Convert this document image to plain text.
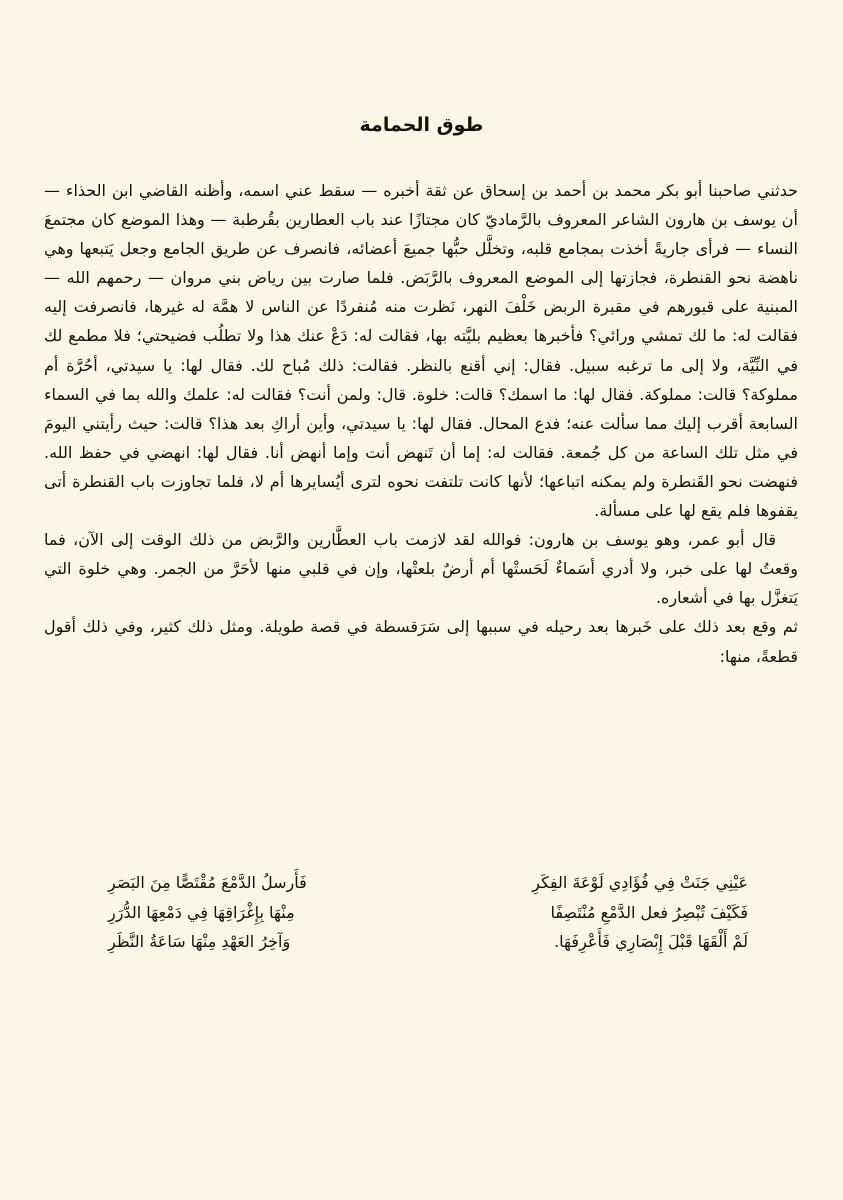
طوق الحمامة

حدثني صاحبنا أبو بكر محمد بن أحمد بن إسحاق عن ثقة أخبره — سقط عني اسمه، وأظنه القاضي ابن الحذاء — أن يوسف بن هارون الشاعر المعروف بالرَّماديّ كان مجتازًا عند باب العطارين بقُرطبة — وهذا الموضع كان مجتمعَ النساء — فرأى جاريةً أخذت بمجامع قلبه، وتخلَّل حبُّها جميعَ أعضائه، فانصرف عن طريق الجامع وجعل يَتبعها وهي ناهضة نحو القنطرة، فجازتها إلى الموضع المعروف بالرَّبَض. فلما صارت بين رياض بني مروان — رحمهم الله — المبنية على قبورهم في مقبرة الربض خَلْفَ النهر، نَظرت منه مُنفردًا عن الناس لا همَّة له غيرها، فانصرفت إليه فقالت له: ما لك تمشي ورائي؟ فأخبرها بعظيم بليَّته بها، فقالت له: دَعْ عنك هذا ولا تطلُب فضيحتي؛ فلا مطمع لك في النِّيَّة، ولا إلى ما ترغبه سبيل. فقال: إني أقنع بالنظر. فقالت: ذلك مُباح لك. فقال لها: يا سيدتي، أحُرَّة أم مملوكة؟ قالت: مملوكة. فقال لها: ما اسمك؟ قالت: خلوة. قال: ولمن أنت؟ فقالت له: علمك والله بما في السماء السابعة أقرب إليك مما سألت عنه؛ فدع المحال. فقال لها: يا سيدتي، وأين أراكِ بعد هذا؟ قالت: حيث رأيتني اليومَ في مثل تلك الساعة من كل جُمعة. فقالت له: إما أن تَنهض أنت وإما أنهض أنا. فقال لها: انهضي في حفظ الله. فنهضت نحو القَنطرة ولم يمكنه اتباعها؛ لأنها كانت تلتفت نحوه لترى أيُسايرها أم لا، فلما تجاوزت باب القنطرة أتى يقفوها فلم يقع لها على مسألة.

قال أبو عمر، وهو يوسف بن هارون: فوالله لقد لازمت باب العطَّارين والرَّبض من ذلك الوقت إلى الآن، فما وقعتُ لها على خبر، ولا أدري أسَماءٌ لَحَستْها أم أرضٌ بلعتْها، وإن في قلبي منها لأحَرَّ من الجمر. وهي خلوة التي يَتغزَّل بها في أشعاره.

ثم وقع بعد ذلك على خَبرها بعد رحيله في سببها إلى سَرَقسطة في قصة طويلة. ومثل ذلك كثير، وفي ذلك أقول قطعةً، منها:

عَيْنِي جَنَتْ فِي فُؤَادِي لَوْعَةَ الفِكَرِ
فَأَرسلُ الدَّمْعَ مُقْتَصًّا مِنَ البَصَرِ
فَكَيْفَ تُبْصِرُ فعل الدَّمْعِ مُنْتَصِفًا
مِنْهَا بِإِغْرَاقِهَا فِي دَمْعِهَا الدُّرَرِ
لَمْ أَلْقَهَا قَبْلَ إِبْصَارِي فَأَعْرِفَهَا.
وَآخِرُ العَهْدِ مِنْهَا سَاعَةُ النَّظَرِ
